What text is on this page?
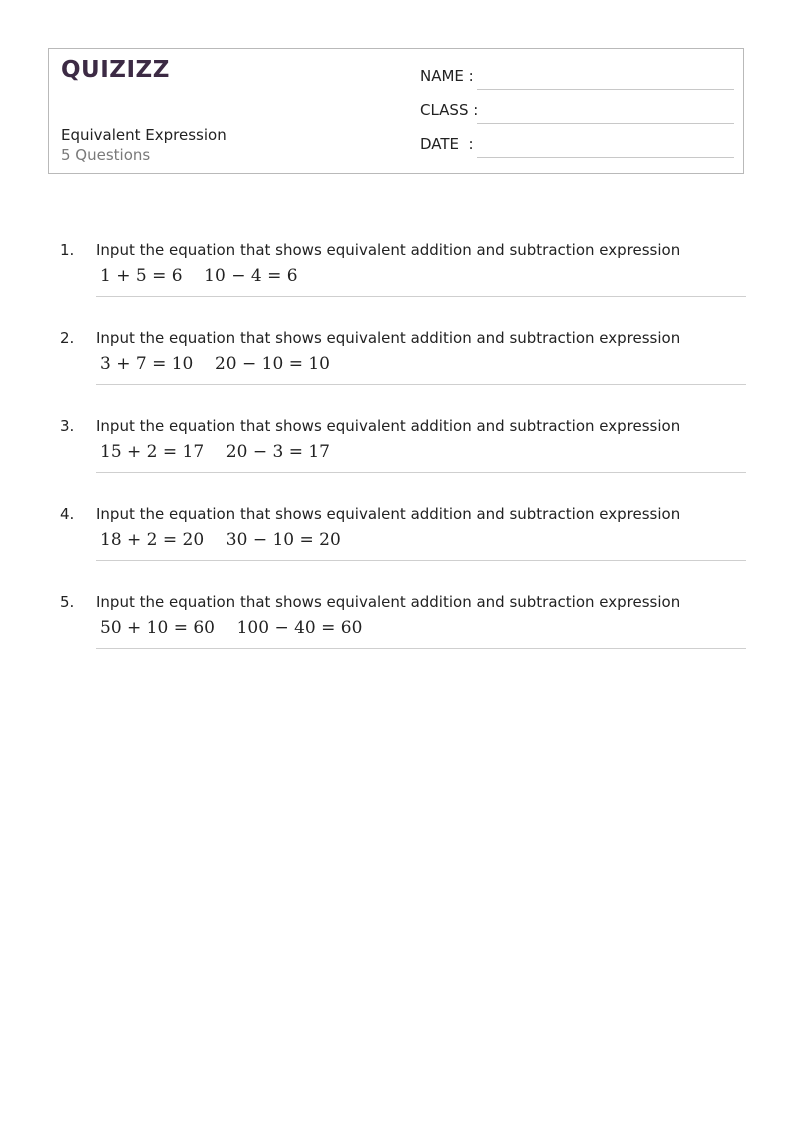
QUIZIZZ
Equivalent Expression
5 Questions
NAME :
CLASS :
DATE  :
1. Input the equation that shows equivalent addition and subtraction expression
1 + 5 = 6    10 − 4 = 6
2. Input the equation that shows equivalent addition and subtraction expression
3 + 7 = 10    20 − 10 = 10
3. Input the equation that shows equivalent addition and subtraction expression
15 + 2 = 17    20 − 3 = 17
4. Input the equation that shows equivalent addition and subtraction expression
18 + 2 = 20    30 − 10 = 20
5. Input the equation that shows equivalent addition and subtraction expression
50 + 10 = 60    100 − 40 = 60
